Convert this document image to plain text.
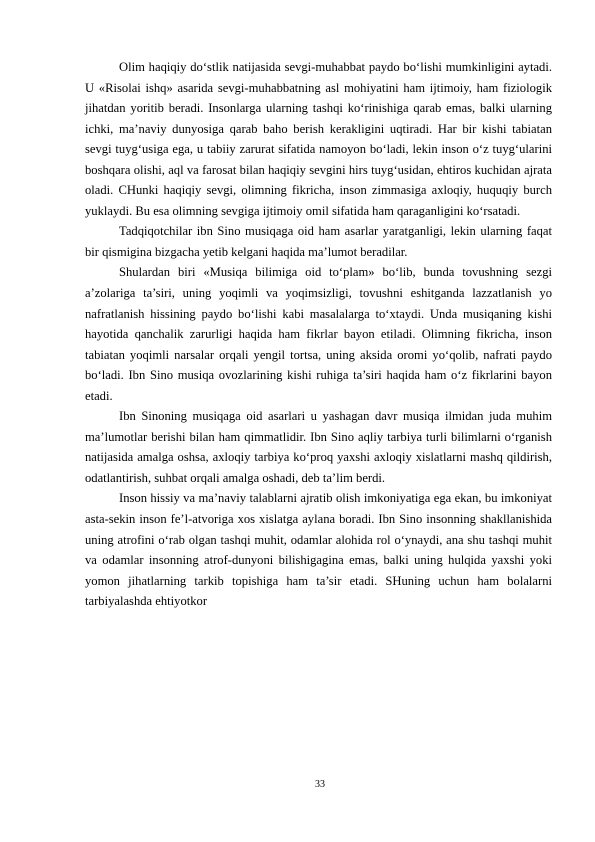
Olim haqiqiy do‘stlik natijasida sevgi-muhabbat paydo bo‘lishi mumkinligini aytadi. U «Risolai ishq» asarida sevgi-muhabbatning asl mohiyatini ham ijtimoiy, ham fiziologik jihatdan yoritib beradi. Insonlarga ularning tashqi ko‘rinishiga qarab emas, balki ularning ichki, ma’naviy dunyosiga qarab baho berish kerakligini uqtiradi. Har bir kishi tabiatan sevgi tuyg‘usiga ega, u tabiiy zarurat sifatida namoyon bo‘ladi, lekin inson o‘z tuyg‘ularini boshqara olishi, aql va farosat bilan haqiqiy sevgini hirs tuyg‘usidan, ehtiros kuchidan ajrata oladi. CHunki haqiqiy sevgi, olimning fikricha, inson zimmasiga axloqiy, huquqiy burch yuklaydi. Bu esa olimning sevgiga ijtimoiy omil sifatida ham qaraganligini ko‘rsatadi.

Tadqiqotchilar ibn Sino musiqaga oid ham asarlar yaratganligi, lekin ularning faqat bir qismigina bizgacha yetib kelgani haqida ma’lumot beradilar.

Shulardan biri «Musiqa bilimiga oid to‘plam» bo‘lib, bunda tovushning sezgi a’zolariga ta’siri, uning yoqimli va yoqimsizligi, tovushni eshitganda lazzatlanish yo nafratlanish hissining paydo bo‘lishi kabi masalalarga to‘xtaydi. Unda musiqaning kishi hayotida qanchalik zarurligi haqida ham fikrlar bayon etiladi. Olimning fikricha, inson tabiatan yoqimli narsalar orqali yengil tortsa, uning aksida oromi yo‘qolib, nafrati paydo bo‘ladi. Ibn Sino musiqa ovozlarining kishi ruhiga ta’siri haqida ham o‘z fikrlarini bayon etadi.

Ibn Sinoning musiqaga oid asarlari u yashagan davr musiqa ilmidan juda muhim ma’lumotlar berishi bilan ham qimmatlidir. Ibn Sino aqliy tarbiya turli bilimlarni o‘rganish natijasida amalga oshsa, axloqiy tarbiya ko‘proq yaxshi axloqiy xislatlarni mashq qildirish, odatlantirish, suhbat orqali amalga oshadi, deb ta’lim berdi.

Inson hissiy va ma’naviy talablarni ajratib olish imkoniyatiga ega ekan, bu imkoniyat asta-sekin inson fe’l-atvoriga xos xislatga aylana boradi. Ibn Sino insonning shakllanishida uning atrofini o‘rab olgan tashqi muhit, odamlar alohida rol o‘ynaydi, ana shu tashqi muhit va odamlar insonning atrof-dunyoni bilishigagina emas, balki uning hulqida yaxshi yoki yomon jihatlarning tarkib topishiga ham ta’sir etadi. SHuning uchun ham bolalarni tarbiyalashda ehtiyotkor

33
